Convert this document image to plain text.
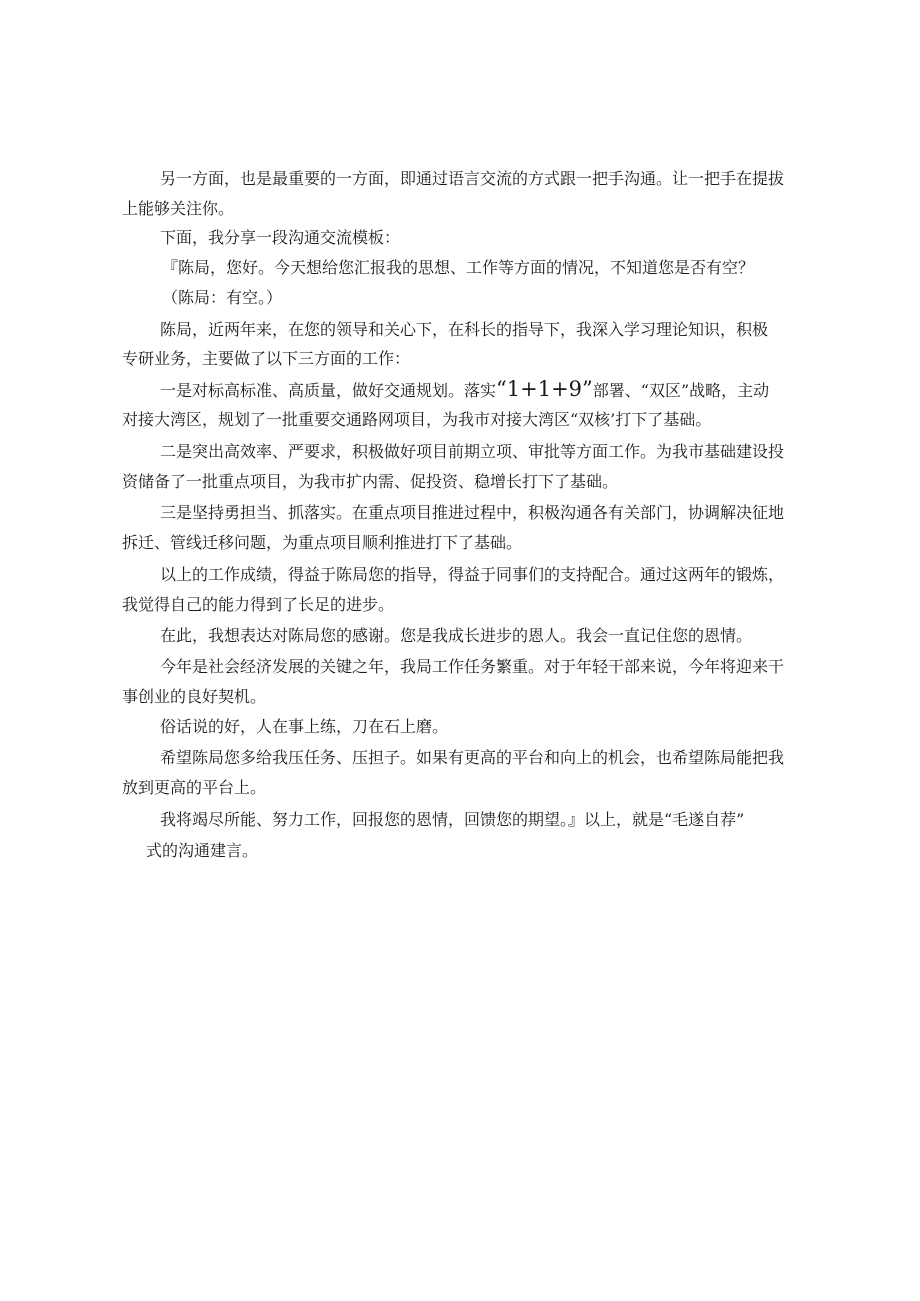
另一方面，也是最重要的一方面，即通过语言交流的方式跟一把手沟通。让一把手在提拔
上能够关注你。
下面，我分享一段沟通交流模板：
『陈局，您好。今天想给您汇报我的思想、工作等方面的情况，不知道您是否有空？
（陈局：有空。）
陈局，近两年来，在您的领导和关心下，在科长的指导下，我深入学习理论知识，积极
专研业务，主要做了以下三方面的工作：
一是对标高标准、高质量，做好交通规划。落实“1+1+9”部署、“双区”战略，主动
对接大湾区，规划了一批重要交通路网项目，为我市对接大湾区“双核’打下了基础。
二是突出高效率、严要求，积极做好项目前期立项、审批等方面工作。为我市基础建设投
资储备了一批重点项目，为我市扩内需、促投资、稳增长打下了基础。
三是坚持勇担当、抓落实。在重点项目推进过程中，积极沟通各有关部门，协调解决征地
拆迁、管线迁移问题，为重点项目顺利推进打下了基础。
以上的工作成绩，得益于陈局您的指导，得益于同事们的支持配合。通过这两年的锻炼，
我觉得自己的能力得到了长足的进步。
在此，我想表达对陈局您的感谢。您是我成长进步的恩人。我会一直记住您的恩情。
今年是社会经济发展的关键之年，我局工作任务繁重。对于年轻干部来说，今年将迎来干
事创业的良好契机。
俗话说的好，人在事上练，刀在石上磨。
希望陈局您多给我压任务、压担子。如果有更高的平台和向上的机会，也希望陈局能把我
放到更高的平台上。
我将竭尽所能、努力工作，回报您的恩情，回馈您的期望。』以上，就是“毛遂自荐”
式的沟通建言。
